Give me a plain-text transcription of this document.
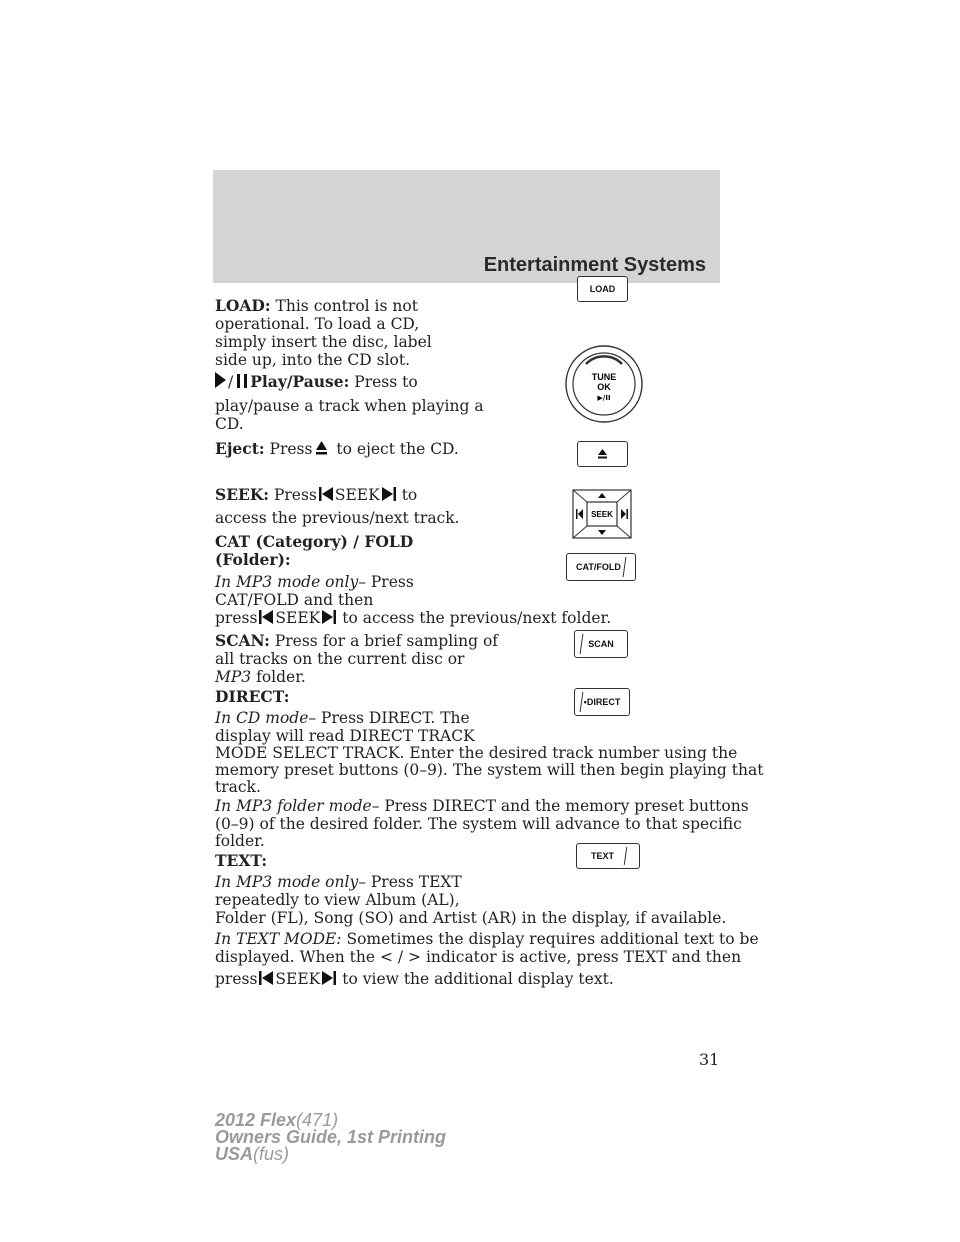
Entertainment Systems
LOAD: This control is not operational. To load a CD, simply insert the disc, label side up, into the CD slot.
LOAD
/ Play/Pause: Press to
play/pause a track when playing a
CD.
TUNE
OK
▶/II
Eject: Press to eject the CD.
SEEK: Press SEEK to
access the previous/next track.	SEEK
CAT (Category) / FOLD
(Folder):
In MP3 mode only– Press
CAT/FOLD and then
press SEEK to access the previous/next folder.
CAT/FOLD
SCAN: Press for a brief sampling of
all tracks on the current disc or
MP3 folder.
SCAN
DIRECT:
In CD mode– Press DIRECT. The
display will read DIRECT TRACK
MODE SELECT TRACK. Enter the desired track number using the
memory preset buttons (0–9). The system will then begin playing that
track.
In MP3 folder mode– Press DIRECT and the memory preset buttons
(0–9) of the desired folder. The system will advance to that specific
folder.
•DIRECT
TEXT:
In MP3 mode only– Press TEXT
repeatedly to view Album (AL),
Folder (FL), Song (SO) and Artist (AR) in the display, if available.
In TEXT MODE: Sometimes the display requires additional text to be
displayed. When the < / > indicator is active, press TEXT and then
press SEEK to view the additional display text.
TEXT
31
2012 Flex(471)
Owners Guide, 1st Printing
USA(fus)
